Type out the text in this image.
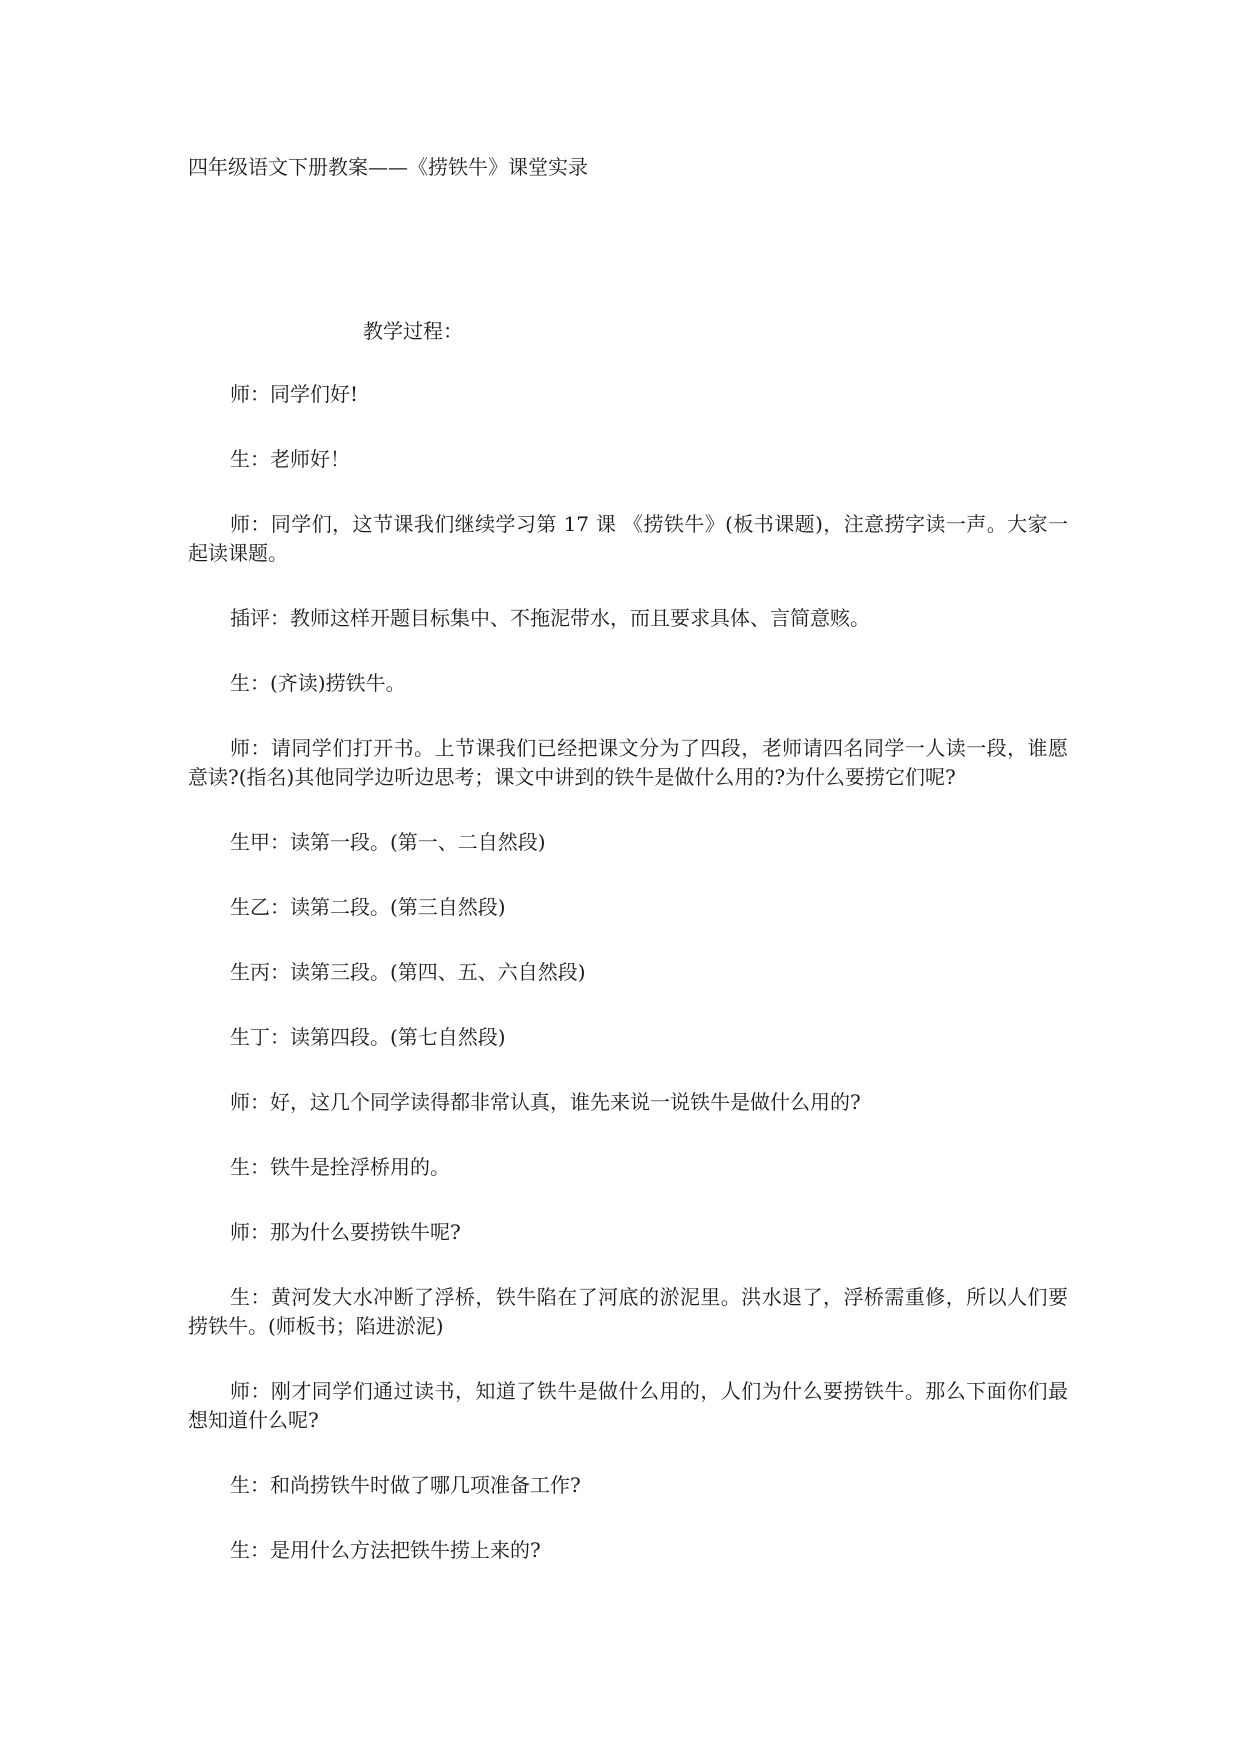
四年级语文下册教案——《捞铁牛》课堂实录
教学过程：

师：同学们好!

生：老师好！

师：同学们，这节课我们继续学习第 17 课 《捞铁牛》(板书课题)，注意捞字读一声。大家一起读课题。

插评：教师这样开题目标集中、不拖泥带水，而且要求具体、言简意赅。

生：(齐读)捞铁牛。

师：请同学们打开书。上节课我们已经把课文分为了四段，老师请四名同学一人读一段，谁愿意读?(指名)其他同学边听边思考；课文中讲到的铁牛是做什么用的?为什么要捞它们呢?

生甲：读第一段。(第一、二自然段)

生乙：读第二段。(第三自然段)

生丙：读第三段。(第四、五、六自然段)

生丁：读第四段。(第七自然段)

师：好，这几个同学读得都非常认真，谁先来说一说铁牛是做什么用的?

生：铁牛是拴浮桥用的。

师：那为什么要捞铁牛呢?

生：黄河发大水冲断了浮桥，铁牛陷在了河底的淤泥里。洪水退了，浮桥需重修，所以人们要捞铁牛。(师板书；陷进淤泥)

师：刚才同学们通过读书，知道了铁牛是做什么用的，人们为什么要捞铁牛。那么下面你们最想知道什么呢?

生：和尚捞铁牛时做了哪几项准备工作?

生：是用什么方法把铁牛捞上来的?
